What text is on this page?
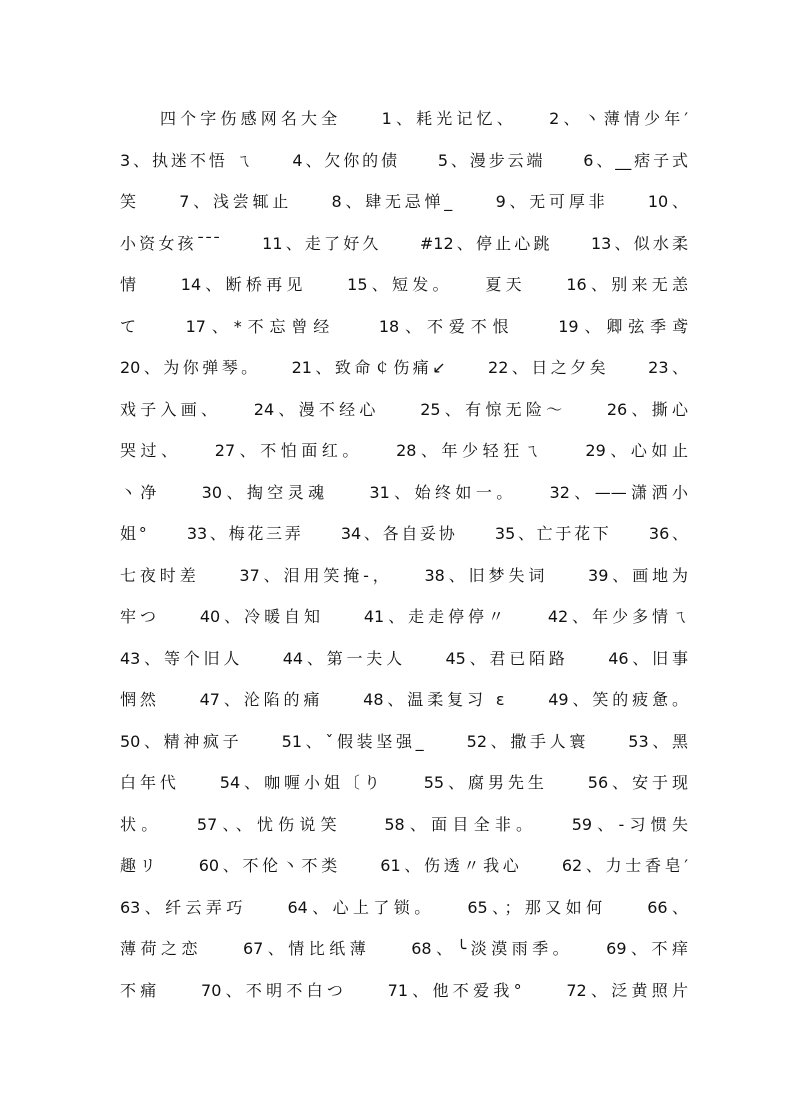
四个字伤感网名大全　　1、耗光记忆、　　2、丶薄情少年′
3、执迷不悟 ㄟ　　4、欠你的债　　5、漫步云端　　6、__痞子式
笑　　7、浅尝辄止　　8、肆无忌惮_　　9、无可厚非　　10、
小资女孩ˉˉˉ　　11、走了好久　　#12、停止心跳　　13、似水柔
情　　14、断桥再见　　15、短发。　　夏天　　16、别来无恙
て　　17、*不忘曾经　　18、不爱不恨　　19、卿弦季鸢
20、为你弹琴。　　21、致命￠伤痛↙　　22、日之夕矣　　23、
戏子入画、　　24、漫不经心　　25、有惊无险～　　26、撕心
哭过、　　27、不怕面红。　　28、年少轻狂ㄟ　　29、心如止
丶净　　30、掏空灵魂　　31、始终如一。　　32、——潇洒小
姐°　　33、梅花三弄　　34、各自妥协　　35、亡于花下　　36、
七夜时差　　37、泪用笑掩-，　　38、旧梦失词　　39、画地为
牢つ　　40、冷暖自知　　41、走走停停〃　　42、年少多情ㄟ
43、等个旧人　　44、第一夫人　　45、君已陌路　　46、旧事
惘然　　47、沦陷的痛　　48、温柔复习 ε　　49、笑的疲惫。
50、精神疯子　　51、ˇ假装坚强_　　52、撒手人寰　　53、黑
白年代　　54、咖喱小姐〔り　　55、腐男先生　　56、安于现
状。　　57、、忧伤说笑　　58、面目全非。　　59、-习惯失
趣リ　　60、不伦丶不类　　61、伤透〃我心　　62、力士香皂′
63、纤云弄巧　　64、心上了锁。　　65、；那又如何　　66、
薄荷之恋　　67、情比纸薄　　68、╰淡漠雨季。　　69、不痒
不痛　　70、不明不白つ　　71、他不爱我°　　72、泛黄照片
